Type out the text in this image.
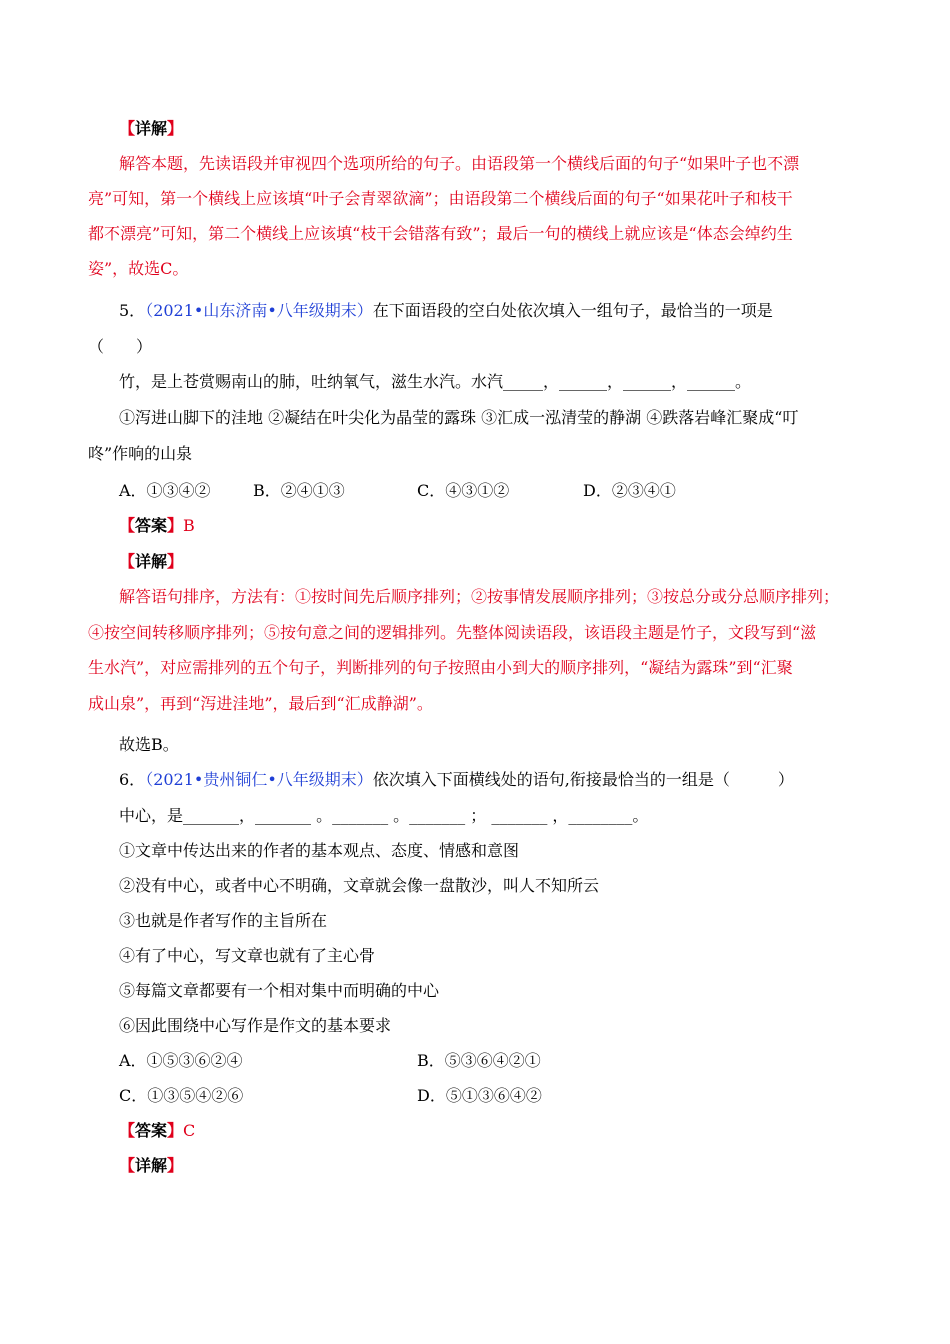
【详解】
解答本题，先读语段并审视四个选项所给的句子。由语段第一个横线后面的句子“如果叶子也不漂
亮”可知，第一个横线上应该填“叶子会青翠欲滴”；由语段第二个横线后面的句子“如果花叶子和枝干
都不漂亮”可知，第二个横线上应该填“枝干会错落有致”；最后一句的横线上就应该是“体态会绰约生
姿”，故选C。
5．（2021•山东济南•八年级期末）在下面语段的空白处依次填入一组句子，最恰当的一项是
（　　）
竹，是上苍赏赐南山的肺，吐纳氧气，滋生水汽。水汽_____，______，______，______。
①泻进山脚下的洼地 ②凝结在叶尖化为晶莹的露珠 ③汇成一泓清莹的静湖 ④跌落岩峰汇聚成“叮
咚”作响的山泉
A．①③④②	B．②④①③	C．④③①②	D．②③④①
【答案】B
【详解】
解答语句排序，方法有：①按时间先后顺序排列；②按事情发展顺序排列；③按总分或分总顺序排列；
④按空间转移顺序排列；⑤按句意之间的逻辑排列。先整体阅读语段，该语段主题是竹子，文段写到“滋
生水汽”，对应需排列的五个句子，判断排列的句子按照由小到大的顺序排列，“凝结为露珠”到“汇聚
成山泉”，再到“泻进洼地”，最后到“汇成静湖”。
故选B。
6．（2021•贵州铜仁•八年级期末）依次填入下面横线处的语句,衔接最恰当的一组是（　　　）
中心，是_______，_______ 。_______ 。_______ ； _______ ，________。
①文章中传达出来的作者的基本观点、态度、情感和意图
②没有中心，或者中心不明确，文章就会像一盘散沙，叫人不知所云
③也就是作者写作的主旨所在
④有了中心，写文章也就有了主心骨
⑤每篇文章都要有一个相对集中而明确的中心
⑥因此围绕中心写作是作文的基本要求
A．①⑤③⑥②④	B．⑤③⑥④②①
C．①③⑤④②⑥	D．⑤①③⑥④②
【答案】C
【详解】
